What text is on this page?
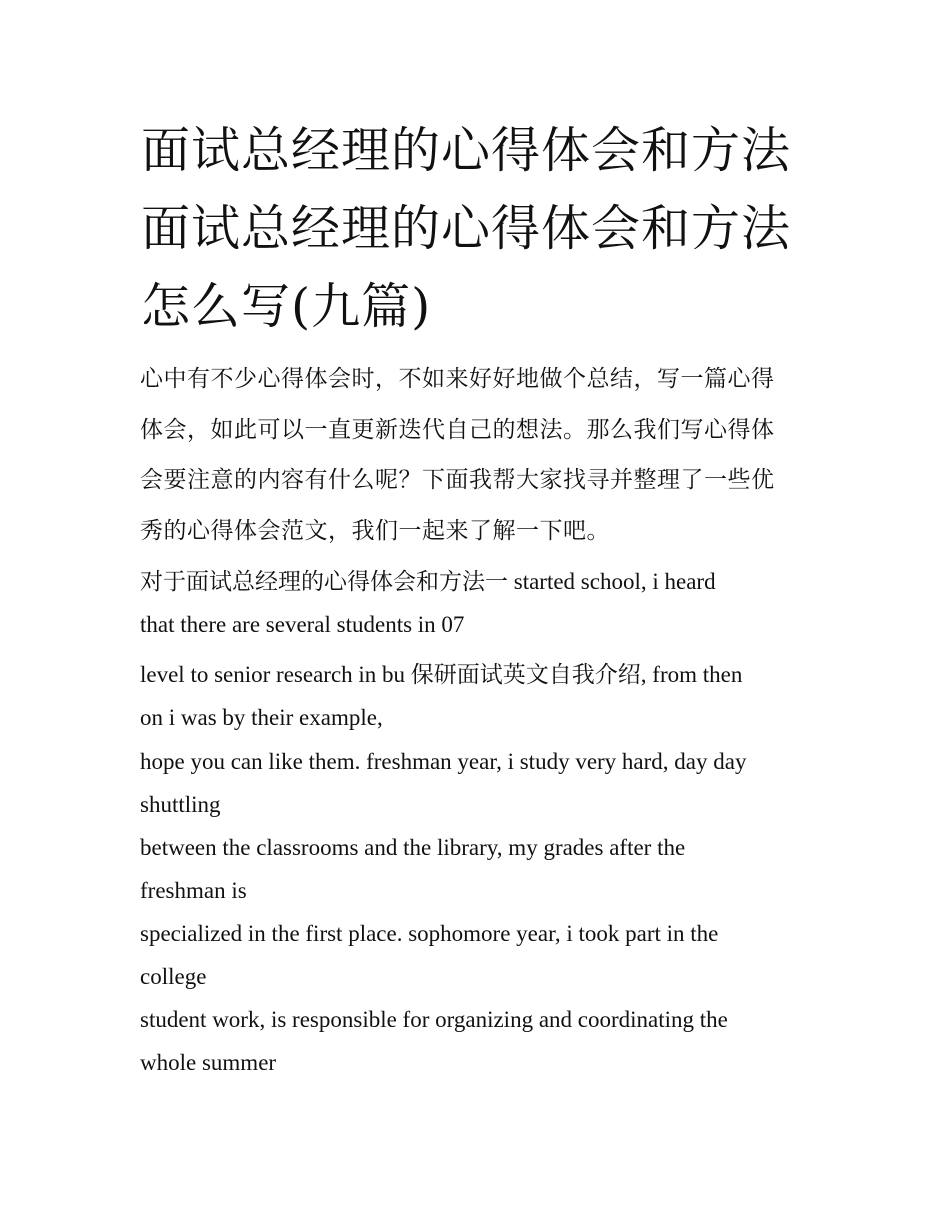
面试总经理的心得体会和方法
面试总经理的心得体会和方法
怎么写(九篇)

心中有不少心得体会时，不如来好好地做个总结，写一篇心得
体会，如此可以一直更新迭代自己的想法。那么我们写心得体
会要注意的内容有什么呢？下面我帮大家找寻并整理了一些优
秀的心得体会范文，我们一起来了解一下吧。

对于面试总经理的心得体会和方法一 started school, i heard
that there are several students in 07

level to senior research in bu 保研面试英文自我介绍, from then
on i was by their example,

hope you can like them. freshman year, i study very hard, day day
shuttling

between the classrooms and the library, my grades after the
freshman is

specialized in the first place. sophomore year, i took part in the
college

student work, is responsible for organizing and coordinating the
whole summer
